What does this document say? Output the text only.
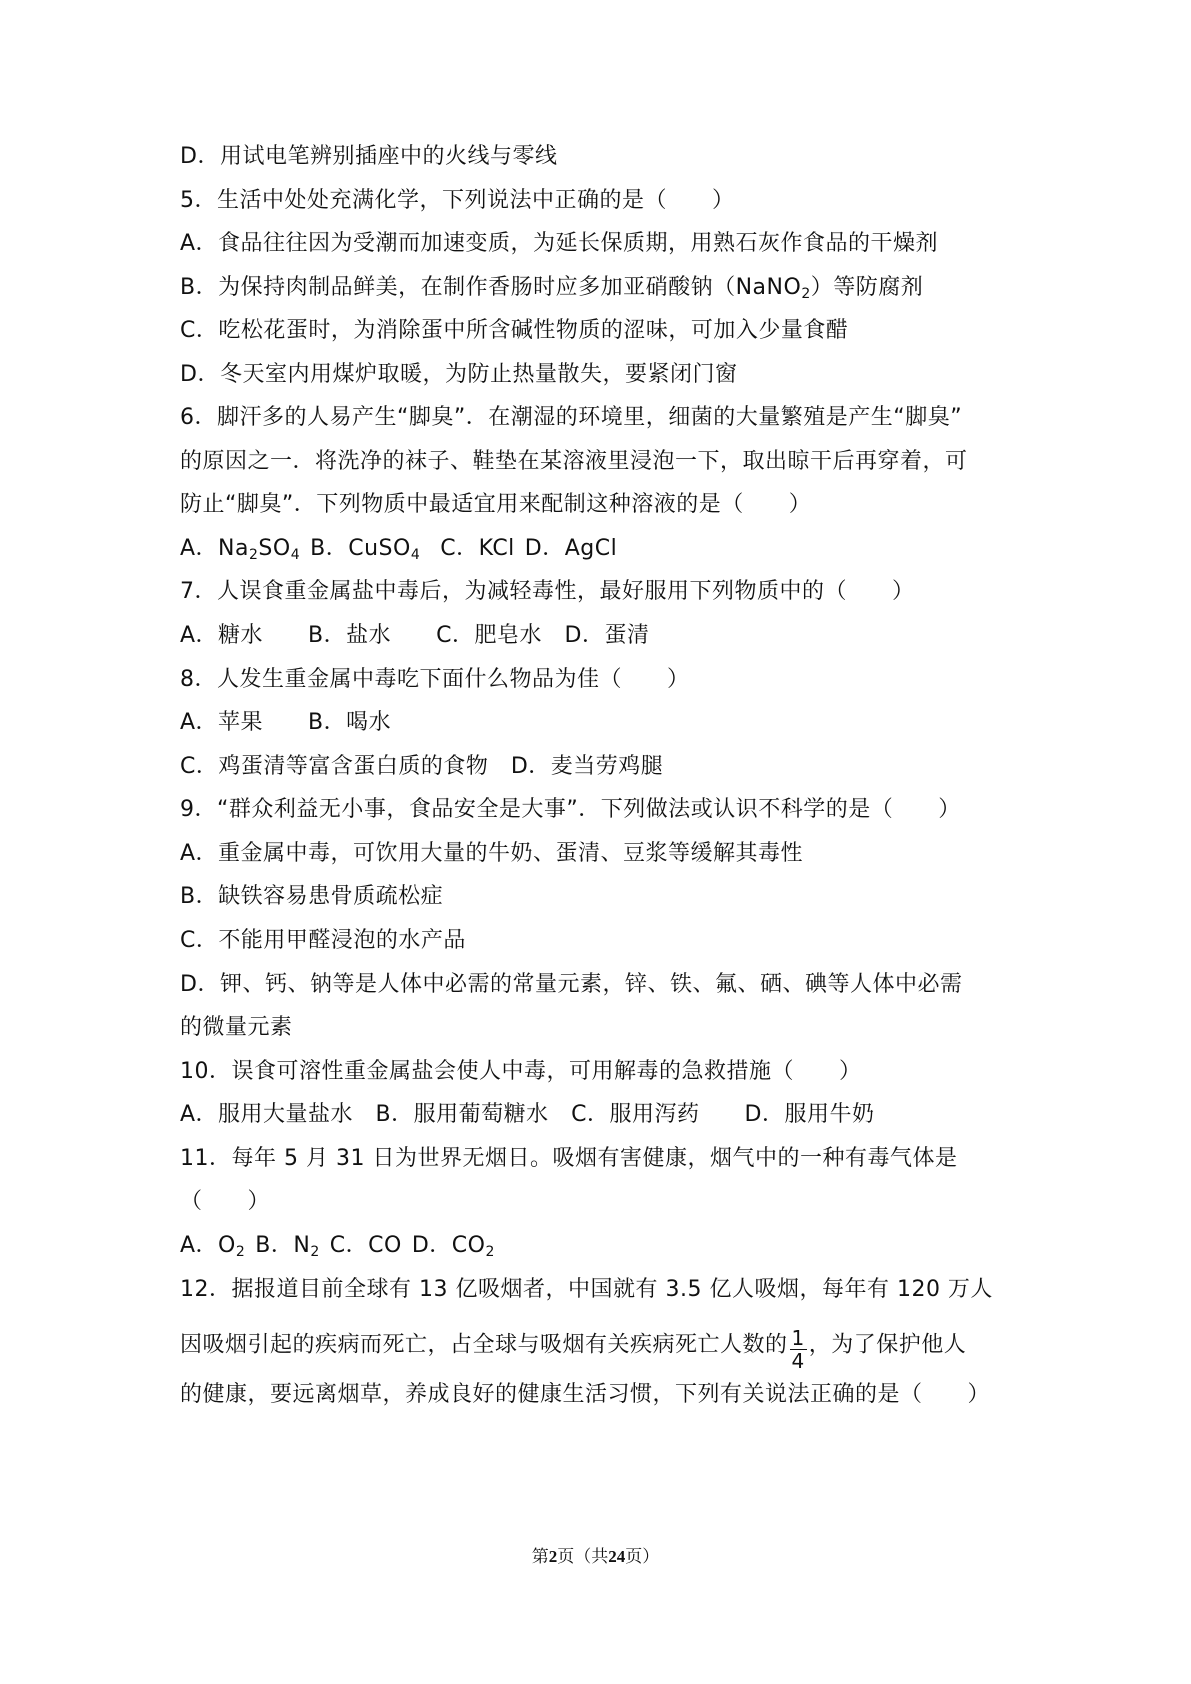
D．用试电笔辨别插座中的火线与零线
5．生活中处处充满化学，下列说法中正确的是（　　）
A．食品往往因为受潮而加速变质，为延长保质期，用熟石灰作食品的干燥剂
B．为保持肉制品鲜美，在制作香肠时应多加亚硝酸钠（NaNO$_2$）等防腐剂
C．吃松花蛋时，为消除蛋中所含碱性物质的涩味，可加入少量食醋
D．冬天室内用煤炉取暖，为防止热量散失，要紧闭门窗
6．脚汗多的人易产生“脚臭”．在潮湿的环境里，细菌的大量繁殖是产生“脚臭”
的原因之一．将洗净的袜子、鞋垫在某溶液里浸泡一下，取出晾干后再穿着，可
防止“脚臭”．下列物质中最适宜用来配制这种溶液的是（　　）
A．$Na_2SO_4$ B．CuSO$_4$ C．KCl D．AgCl
7．人误食重金属盐中毒后，为减轻毒性，最好服用下列物质中的（　　）
A．糖水　　B．盐水　　C．肥皂水　D．蛋清
8．人发生重金属中毒吃下面什么物品为佳（　　）
A．苹果　　B．喝水
C．鸡蛋清等富含蛋白质的食物　D．麦当劳鸡腿
9．“群众利益无小事，食品安全是大事”．下列做法或认识不科学的是（　　）
A．重金属中毒，可饮用大量的牛奶、蛋清、豆浆等缓解其毒性
B．缺铁容易患骨质疏松症
C．不能用甲醛浸泡的水产品
D．钾、钙、钠等是人体中必需的常量元素，锌、铁、氟、硒、碘等人体中必需
的微量元素
10．误食可溶性重金属盐会使人中毒，可用解毒的急救措施（　　）
A．服用大量盐水　B．服用葡萄糖水　C．服用泻药　　D．服用牛奶
11．每年 5 月 31 日为世界无烟日。吸烟有害健康，烟气中的一种有毒气体是
（　　）
A．$O_2$ B．$N_2$ C．CO D．$CO_2$
12．据报道目前全球有 13 亿吸烟者，中国就有 3.5 亿人吸烟，每年有 120 万人
因吸烟引起的疾病而死亡，占全球与吸烟有关疾病死亡人数的 $\frac{1}{4}$ ，为了保护他人
的健康，要远离烟草，养成良好的健康生活习惯，下列有关说法正确的是（　　）
第2页（共24页）
